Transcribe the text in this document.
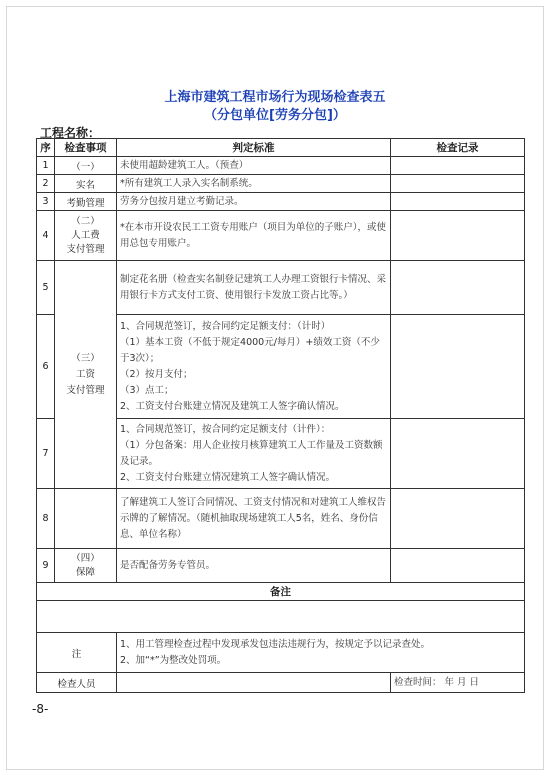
上海市建筑工程市场行为现场检查表五
（分包单位[劳务分包]）
工程名称：
序	检查事项	判定标准	检查记录
1	（一）	未使用超龄建筑工人。（预查）	
2	实名	*所有建筑工人录入实名制系统。	
3	考勤管理	劳务分包按月建立考勤记录。	
4	（二）
人工费
支付管理	*在本市开设农民工工资专用账户（项目为单位的子账户），或使用总包专用账户。	
5	（三）
工资
支付管理	制定花名册（检查实名制登记建筑工人办理工资银行卡情况、采用银行卡方式支付工资、使用银行卡发放工资占比等。）	
6		1、合同规范签订，按合同约定足额支付：（计时）
（1）基本工资（不低于规定4000元/每月）+绩效工资（不少于3次）；
（2）按月支付；
（3）点工；
2、工资支付台账建立情况及建筑工人签字确认情况。	

7		1、合同规范签订，按合同约定足额支付（计件）：
（1）分包备案：用人企业按月核算建筑工人工作量及工资数额及记录。
2、工资支付台账建立情况建筑工人签字确认情况。	

8		了解建筑工人签订合同情况、工资支付情况和对建筑工人维权告示牌的了解情况。（随机抽取现场建筑工人5名，姓名、身份信息、单位名称）	
9	（四）
保障	是否配备劳务专管员。	
备注			

注		1、用工管理检查过程中发现承发包违法违规行为，按规定予以记录查处。
2、加“*”为整改处罚项。	

检查人员			检查时间： 年 月 日
-8-
